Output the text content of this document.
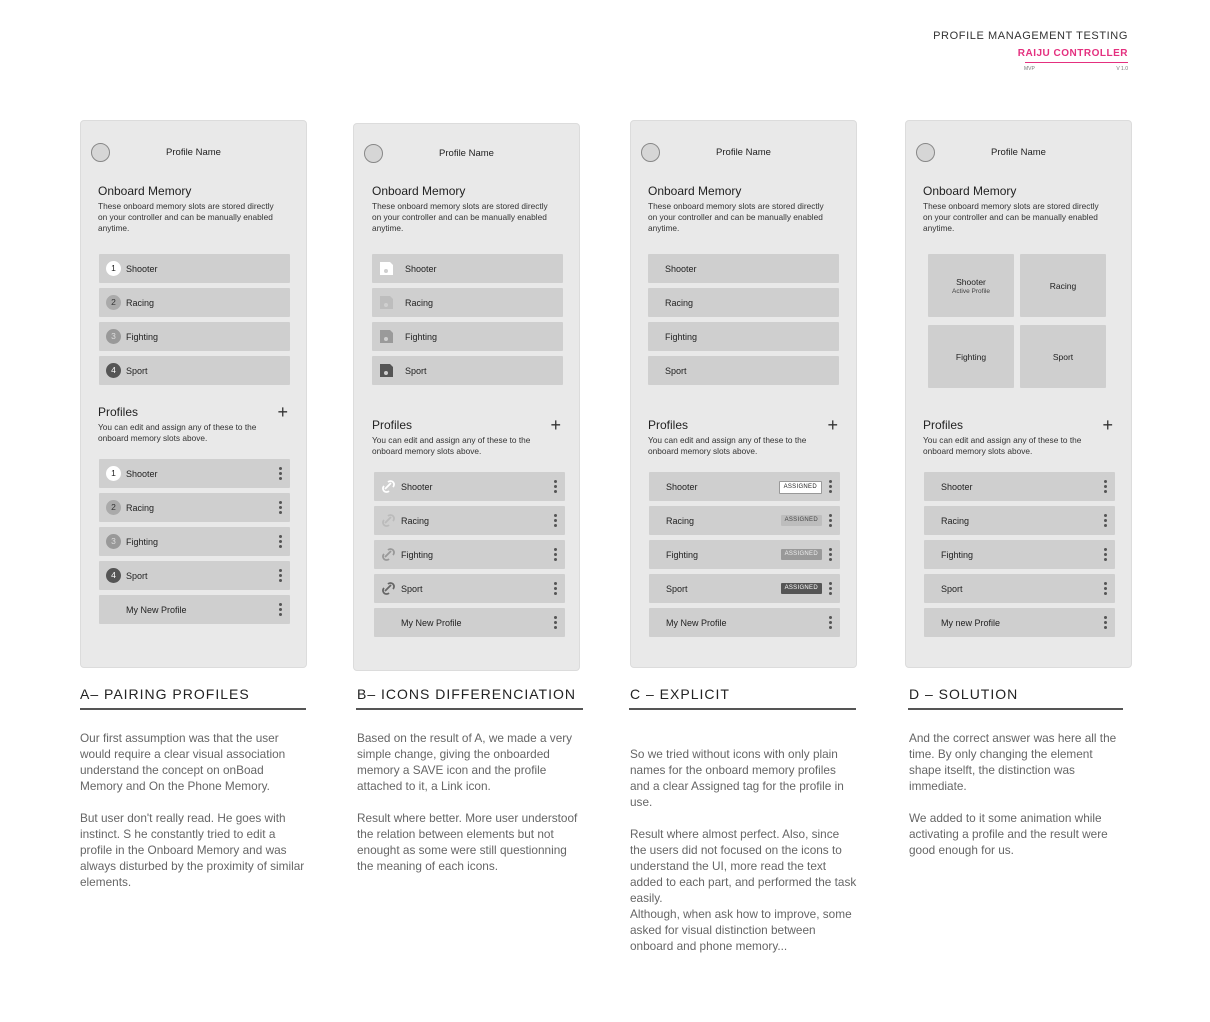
PROFILE MANAGEMENT TESTING
RAIJU CONTROLLER
MVP	V 1.0
Profile Name
Onboard Memory
These onboard memory slots are stored directly on your controller and can be manually enabled anytime.
1	Shooter
2	Racing
3	Fighting
4	Sport
Profiles	+
You can edit and assign any of these to the onboard memory slots above.
1	Shooter
2	Racing
3	Fighting
4	Sport
My New Profile
Profile Name
Onboard Memory
These onboard memory slots are stored directly on your controller and can be manually enabled anytime.
Shooter
Racing
Fighting
Sport
Profiles	+
You can edit and assign any of these to the onboard memory slots above.
Shooter
Racing
Fighting
Sport
My New Profile
Profile Name
Onboard Memory
These onboard memory slots are stored directly on your controller and can be manually enabled anytime.
Shooter
Racing
Fighting
Sport
Profiles	+
You can edit and assign any of these to the onboard memory slots above.
Shooter	ASSIGNED
Racing	ASSIGNED
Fighting	ASSIGNED
Sport	ASSIGNED
My New Profile
Profile Name
Onboard Memory
These onboard memory slots are stored directly on your controller and can be manually enabled anytime.
Shooter
Active Profile
Racing
Fighting	Sport
Profiles	+
You can edit and assign any of these to the onboard memory slots above.
Shooter
Racing
Fighting
Sport
My new Profile
A– PAIRING PROFILES

Our first assumption was that the user would require a clear visual association understand the concept on onBoad Memory and On the Phone Memory.

But user don't really read. He goes with instinct. S he constantly tried to edit a profile in the Onboard Memory and was always disturbed by the proximity of similar elements.

B– ICONS DIFFERENCIATION

Based on the result of A, we made a very simple change, giving the onboarded memory a SAVE icon and the profile attached to it, a Link icon.

Result where better. More user understoof the relation between elements but not enought as some were still questionning the meaning of each icons.

C – EXPLICIT

So we tried without icons with only plain names for the onboard memory profiles and a clear Assigned tag for the profile in use.

Result where almost perfect. Also, since the users did not focused on the icons to understand the UI, more read the text added to each part, and performed the task easily.
Although, when ask how to improve, some asked for visual distinction between onboard and phone memory...

D – SOLUTION

And the correct answer was here all the time. By only changing the element shape itselft, the distinction was immediate.

We added to it some animation while activating a profile and the result were good enough for us.
